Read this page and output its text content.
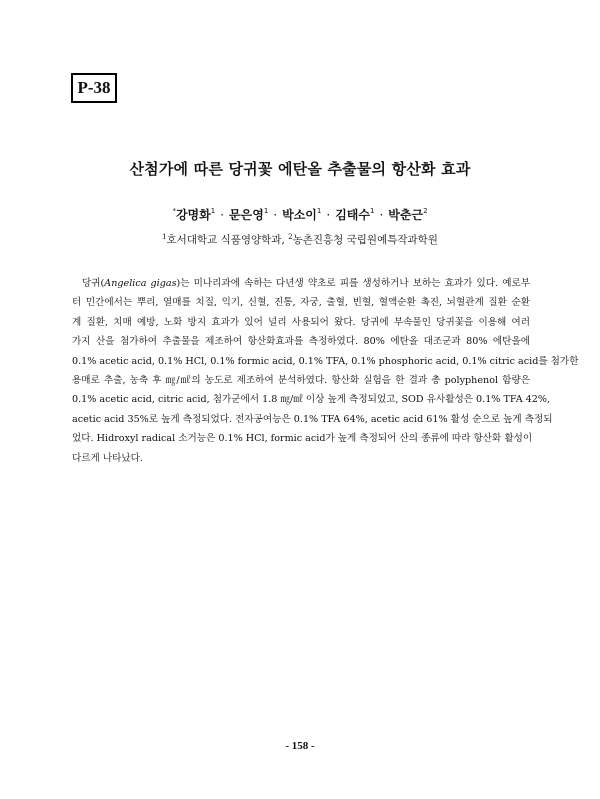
P-38
산첨가에 따른 당귀꽃 에탄올 추출물의 항산화 효과
*강명화$^1$ · 문은영$^1$ · 박소이$^1$ · 김태수$^1$ · 박춘근$^2$
$^1$호서대학교 식품영양학과, $^2$농촌진흥청 국립원예특작과학원
당귀(Angelica gigas)는 미나리과에 속하는 다년생 약초로 피를 생성하거나 보하는 효과가 있다. 예로부
터 민간에서는 뿌리, 열매를 치질, 익기, 신혈, 진통, 자궁, 출혈, 빈혈, 혈액순환 촉진, 뇌혈관계 질환 순환
계 질환, 치매 예방, 노화 방지 효과가 있어 널리 사용되어 왔다. 당귀에 부속물인 당귀꽃을 이용해 여러
가지 산을 첨가하여 추출물을 제조하여 항산화효과를 측정하였다. 80% 에탄올 대조군과 80% 에탄올에
0.1% acetic acid, 0.1% HCl, 0.1% formic acid, 0.1% TFA, 0.1% phosphoric acid, 0.1% citric acid를 첨가한
용매로 추출, 농축 후 ㎎/㎖의 농도로 제조하여 분석하였다. 항산화 실험을 한 결과 총 polyphenol 함량은
0.1% acetic acid, citric acid, 첨가군에서 1.8 ㎎/㎖ 이상 높게 측정되었고, SOD 유사활성은 0.1% TFA 42%,
acetic acid 35%로 높게 측정되었다. 전자공여능은 0.1% TFA 64%, acetic acid 61% 활성 순으로 높게 측정되
었다. Hidroxyl radical 소거능은 0.1% HCl, formic acid가 높게 측정되어 산의 종류에 따라 항산화 활성이
다르게 나타났다.
- 158 -
